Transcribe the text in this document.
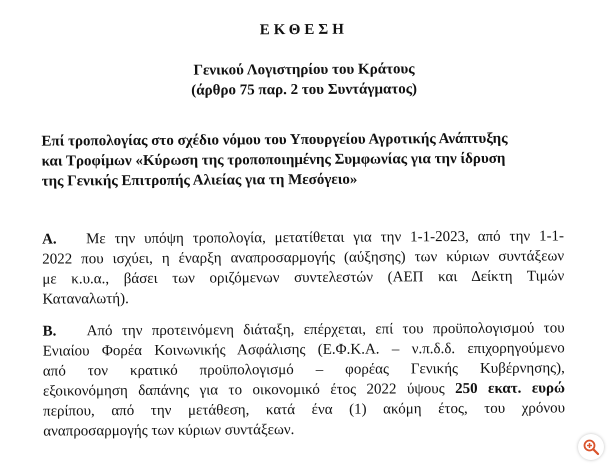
ΕΚΘΕΣΗ
Γενικού Λογιστηρίου του Κράτους
(άρθρο 75 παρ. 2 του Συντάγματος)
Επί τροπολογίας στο σχέδιο νόμου του Υπουργείου Αγροτικής Ανάπτυξης
και Τροφίμων «Κύρωση της τροποποιημένης Συμφωνίας για την ίδρυση
της Γενικής Επιτροπής Αλιείας για τη Μεσόγειο»
Α. Με την υπόψη τροπολογία, μετατίθεται για την 1-1-2023, από την 1-1-
2022 που ισχύει, η έναρξη αναπροσαρμογής (αύξησης) των κύριων συντάξεων
με κ.υ.α., βάσει των οριζόμενων συντελεστών (ΑΕΠ και Δείκτη Τιμών
Καταναλωτή).
Β. Από την προτεινόμενη διάταξη, επέρχεται, επί του προϋπολογισμού του
Ενιαίου Φορέα Κοινωνικής Ασφάλισης (Ε.Φ.Κ.Α. – ν.π.δ.δ. επιχορηγούμενο
από τον κρατικό προϋπολογισμό – φορέας Γενικής Κυβέρνησης),
εξοικονόμηση δαπάνης για το οικονομικό έτος 2022 ύψους 250 εκατ. ευρώ
περίπου, από την μετάθεση, κατά ένα (1) ακόμη έτος, του χρόνου
αναπροσαρμογής των κύριων συντάξεων.
